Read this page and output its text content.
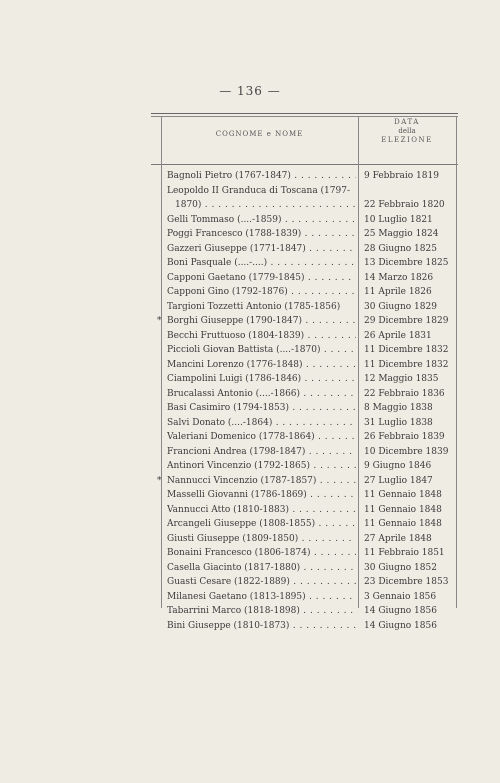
— 136 —
COGNOME e NOME
DATA
della
ELEZIONE
Bagnoli Pietro (1767-1847) . . .	9 Febbraio 1819
Leopoldo II Granduca di Toscana (1797-
1870) . . .	22 Febbraio 1820
Gelli Tommaso (....-1859) . . .	10 Luglio 1821
Poggi Francesco (1788-1839) . . .	25 Maggio 1824
Gazzeri Giuseppe (1771-1847) . . .	28 Giugno 1825
Boni Pasquale (....-....) . . .	13 Dicembre 1825
Capponi Gaetano (1779-1845) . . .	14 Marzo 1826
Capponi Gino (1792-1876) . . .	11 Aprile 1826
Targioni Tozzetti Antonio (1785-1856)	30 Giugno 1829
* Borghi Giuseppe (1790-1847) . . .	29 Dicembre 1829
Becchi Fruttuoso (1804-1839) . . .	26 Aprile 1831
Piccioli Giovan Battista (....-1870) . . .	11 Dicembre 1832
Mancini Lorenzo (1776-1848) . . .	11 Dicembre 1832
Ciampolini Luigi (1786-1846) . . .	12 Maggio 1835
Brucalassi Antonio (....-1866) . . .	22 Febbraio 1836
Basi Casimiro (1794-1853) . . .	8 Maggio 1838
Salvi Donato (....-1864) . . .	31 Luglio 1838
Valeriani Domenico (1778-1864) . . .	26 Febbraio 1839
Francioni Andrea (1798-1847) . . .	10 Dicembre 1839
Antinori Vincenzio (1792-1865) . . .	9 Giugno 1846
* Nannucci Vincenzio (1787-1857) . . .	27 Luglio 1847
Masselli Giovanni (1786-1869) . . .	11 Gennaio 1848
Vannucci Atto (1810-1883) . . .	11 Gennaio 1848
Arcangeli Giuseppe (1808-1855) . . .	11 Gennaio 1848
Giusti Giuseppe (1809-1850) . . .	27 Aprile 1848
Bonaini Francesco (1806-1874) . . .	11 Febbraio 1851
Casella Giacinto (1817-1880) . . .	30 Giugno 1852
Guasti Cesare (1822-1889) . . .	23 Dicembre 1853
Milanesi Gaetano (1813-1895) . . .	3 Gennaio 1856
Tabarrini Marco (1818-1898) . . .	14 Giugno 1856
Bini Giuseppe (1810-1873) . . .	14 Giugno 1856
